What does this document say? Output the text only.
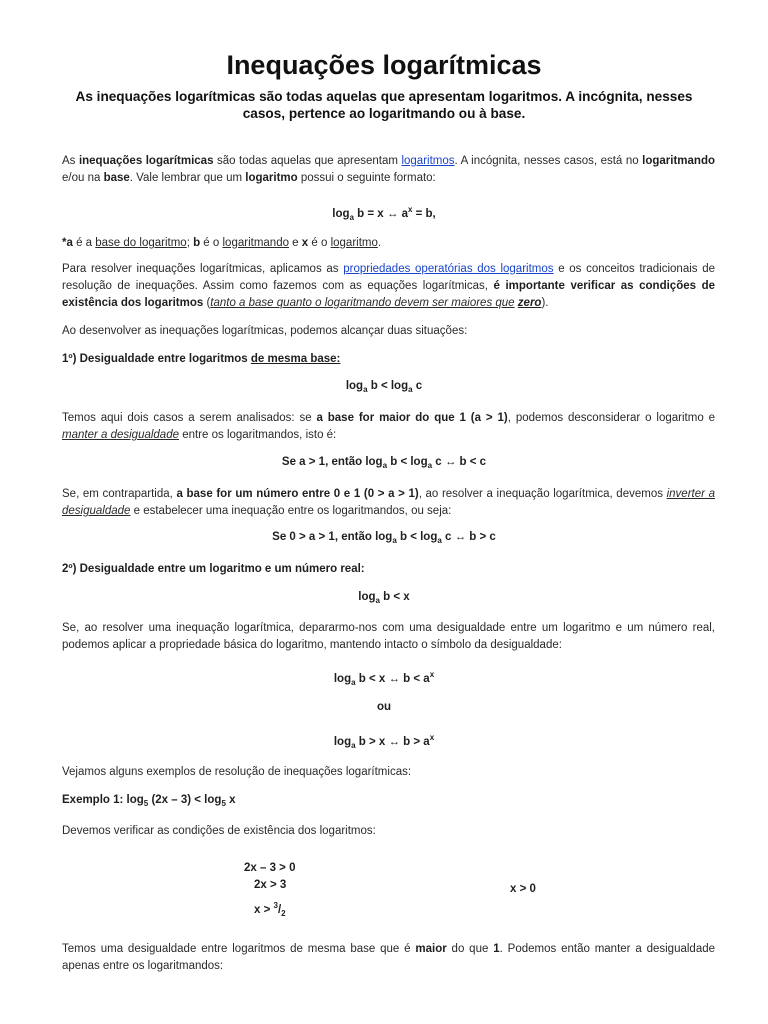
Inequações logarítmicas

As inequações logarítmicas são todas aquelas que apresentam logaritmos. A incógnita, nesses casos, pertence ao logaritmando ou à base.

As inequações logarítmicas são todas aquelas que apresentam logaritmos. A incógnita, nesses casos, está no logaritmando e/ou na base. Vale lembrar que um logaritmo possui o seguinte formato:

$\log_a b = x$ ↔ $a^x = b$,

*a é a base do logaritmo; b é o logaritmando e x é o logaritmo.

Para resolver inequações logarítmicas, aplicamos as propriedades operatórias dos logaritmos e os conceitos tradicionais de resolução de inequações. Assim como fazemos com as equações logarítmicas, é importante verificar as condições de existência dos logaritmos (tanto a base quanto o logaritmando devem ser maiores que zero).

Ao desenvolver as inequações logarítmicas, podemos alcançar duas situações:

1º) Desigualdade entre logaritmos de mesma base:

$\log_a b < \log_a c$

Temos aqui dois casos a serem analisados: se a base for maior do que 1 (a > 1), podemos desconsiderar o logaritmo e manter a desigualdade entre os logaritmandos, isto é:

Se a > 1, então $\log_a b < \log_a c$ ↔ b < c

Se, em contrapartida, a base for um número entre 0 e 1 (0 > a > 1), ao resolver a inequação logarítmica, devemos inverter a desigualdade e estabelecer uma inequação entre os logaritmandos, ou seja:

Se 0 > a > 1, então $\log_a b < \log_a c$ ↔ b > c

2º) Desigualdade entre um logaritmo e um número real:

$\log_a b < x$

Se, ao resolver uma inequação logarítmica, depararmo-nos com uma desigualdade entre um logaritmo e um número real, podemos aplicar a propriedade básica do logaritmo, mantendo intacto o símbolo da desigualdade:

$\log_a b < x$ ↔ $b < a^x$

ou

$\log_a b > x$ ↔ $b > a^x$

Vejamos alguns exemplos de resolução de inequações logarítmicas:

Exemplo 1: $\log_5 (2x - 3) < \log_5 x$

Devemos verificar as condições de existência dos logaritmos:

2x – 3 > 0
2x > 3
$x > ^3/_2$
x > 0

Temos uma desigualdade entre logaritmos de mesma base que é maior do que 1. Podemos então manter a desigualdade apenas entre os logaritmandos:
